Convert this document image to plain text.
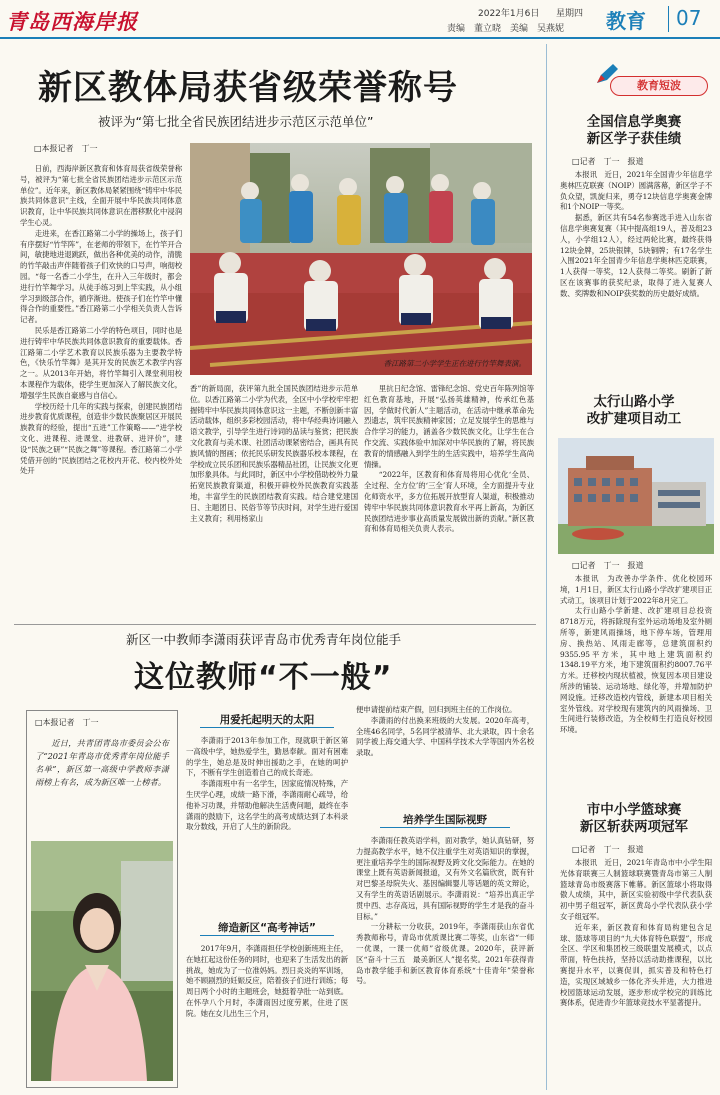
青岛西海岸报	2022年1月6日 星期四
责编　董立晓　美编　吴燕妮 教育	07
新区教体局获省级荣誉称号
被评为“第七批全省民族团结进步示范区示范单位”
□本报记者　丁一

日前，西海岸新区教育和体育局获省级荣誉称号，被评为“第七批全省民族团结进步示范区示范单位”。近年来，新区教体局紧紧围绕“铸牢中华民族共同体意识”主线，全面开展中华民族共同体意识教育，让中华民族共同体意识在潜移默化中浸润学生心灵。

走进来，在香江路第二小学的操场上，孩子们有序摆好“竹竿阵”，在老师的带领下，在竹竿开合间，敏捷地进退跳跃，做出各种优美的动作，清脆的竹竿敲击声伴随着孩子们欢快的口号声，响彻校园。“每一名香二小学生，在升入三年级时，都会进行竹竿舞学习。从徒手练习到上竿实践，从小组学习到级部合作，循序渐进。使孩子们在竹竿中懂得合作的重要性。”香江路第二小学相关负责人告诉记者。

民乐是香江路第二小学的特色项目，同时也是进行铸牢中华民族共同体意识教育的重要载体。香江路第二小学艺术教育以民族乐器为主要教学特色，《快乐竹竿舞》是其开发的民族艺术教学内容之一。从2013年开始，将竹竿舞引入课堂利用校本课程作为载体，使学生更加深入了解民族文化，增强学生民族自豪感与自信心。

学校历经十几年的实践与探索，创建民族团结进步教育优质课程，创造非少数民族聚居区开展民族教育的经验，提出“五进”工作策略——“进学校文化、进课程、进课堂、进教研、进评价”，建设“民族之研”“民族之舞”等课程。香江路第二小学凭借开创的“民族团结之花校内开花、校内校外处处开

香江路第二小学学生正在进行竹竿舞表演。

香”的新局面，获评第九批全国民族团结进步示范单位。以香江路第二小学为代表，全区中小学校牢牢把握铸牢中华民族共同体意识这一主题，不断创新丰富活动载体，组织多彩校园活动，将中华经典诗词融入语文教学，引导学生进行诗词的品读与鉴赏；把民族文化教育与美术课、社团活动课紧密结合，画具有民族风情的图画；依托民乐研发民族器乐校本课程，在学校成立民乐团和民族乐器精品社团，让民族文化更加形象具体。与此同时，新区中小学校借助校外力量拓宽民族教育渠道，积极开辟校外民族教育实践基地，丰富学生的民族团结教育实践。结合建党建国日、主题团日、民俗节等节庆时间，对学生进行爱国主义教育；利用杨家山

里抗日纪念馆、雷锋纪念馆、党史百年陈列馆等红色教育基地，开展“弘扬英雄精神，传承红色基因，学做时代新人”主题活动，在活动中继承革命先烈遗志，筑牢民族精神家园；立足发展学生的思维与合作学习的能力，涵盖各少数民族文化，让学生在合作交流、实践体验中加深对中华民族的了解，将民族教育的情感融入到学生的生活实践中，培养学生高尚情操。

“2022年，区教育和体育局将用心优化‘全员、全过程、全方位’的‘三全’育人环境，全方面提升专业化师资水平，多方位拓展开放型育人渠道，积极推动铸牢中华民族共同体意识教育水平再上新高，为新区民族团结进步事业高质量发展做出新的贡献。”新区教育和体育局相关负责人表示。

新区一中教师李潇雨获评青岛市优秀青年岗位能手
这位教师“不一般”
□本报记者　丁一
近日，共青团青岛市委员会公布了“2021年青岛市优秀青年岗位能手名单”，新区第一高级中学教师李潇雨榜上有名，成为新区唯一上榜者。
用爱托起明天的太阳

李潇雨于2013年参加工作，现就职于新区第一高级中学，她热爱学生，勤恳奉献。面对有困难的学生，她总是及时伸出援助之手，在她的呵护下，不断有学生创造着自己的成长奇迹。

李潇雨班中有一名学生，因家庭情况特殊，产生厌学心理，成绩一路下滑，李潇雨耐心疏导，给他补习功课，并帮助他解决生活费问题，最终在李潇雨的鼓励下，这名学生的高考成绩达到了本科录取分数线，开启了人生的新阶段。

缔造新区“高考神话”

2017年9月，李潇雨担任学校创新班班主任，在她扛起这份任务的同时，也迎来了生活发出的新挑战，她成为了一位准妈妈。烈日炎炎的军训场，她不顾剧烈的妊娠反应，陪着孩子们进行训练；每周日两个小时的主题班会，她挺着孕肚一站到底。在怀孕八个月时，李潇雨因过度劳累，住进了医院。她在女儿出生三个月，

便申请提前结束产假，回归到班主任的工作岗位。

李潇雨的付出换来班级的大发展。2020年高考，全班46名同学，5名同学被清华、北大录取，四十余名同学被上海交通大学、中国科学技术大学等国内外名校录取。

培养学生国际视野

李潇雨任教英语学科，面对教学，她认真钻研，努力提高教学水平，她不仅注重学生对英语知识的掌握，更注重培养学生的国际视野及跨文化交际能力。在她的课堂上既有英语新闻报道，又有外文名篇欣赏，既有针对巴黎圣母院失火、基因编辑婴儿等话题的英文辩论，又有学生的英语话剧展示。李潇雨说：“培养出真正学贯中西、志存高远，具有国际视野的学生才是我的奋斗目标。”

一分耕耘一分收获，2019年，李潇雨获山东省优秀教师称号，青岛市优质课比赛二等奖，山东省“一师一优课，一课一优师”省级优课。2020年，获评新区“奋斗十三五　最美新区人”提名奖。2021年获得青岛市教学能手和新区教育体育系统“十佳青年”荣誉称号。

教育短波
全国信息学奥赛
新区学子获佳绩
□记者　丁一　报道

本报讯　近日，2021年全国青少年信息学奥林匹克联赛（NOIP）圆满落幕，新区学子不负众望，凯旋归来，勇夺12块信息学奥赛金牌和1个NOIP一等奖。

据悉，新区共有54名参赛选手进入山东省信息学奥赛复赛（其中提高组19人，普及组23人，小学组12人），经过两轮比赛，最终获得12块金牌，25块银牌，5块铜牌；有17名学生入围2021年全国青少年信息学奥林匹克联赛，1人获得一等奖，12人获得二等奖。刷新了新区在该赛事的获奖纪录，取得了进入复赛人数、奖牌数和NOIP获奖数的历史最好成绩。

太行山路小学
改扩建项目动工
□记者　丁一　报道

本报讯　为改善办学条件、优化校园环境，1月1日，新区太行山路小学改扩建项目正式动工，该项目计划于2022年8月完工。

太行山路小学新建、改扩建项目总投资8718万元，将拆除现有室外运动场地及室外厕所等，新建风雨操场，地下停车场，管理用房、换热站、风雨走廊等，总建筑面积约9355.95平方米，其中地上建筑面积约1348.19平方米，地下建筑面积约8007.76平方米。迁移校内现状植被，恢复因本项目建设所涉的铺装、运动场地、绿化等，并增加防护网设施。迁移改造校内管线，新建本项目相关室外管线。对学校现有建筑内的风雨操场、卫生间进行装修改造，为全校师生打造良好校园环境。

市中小学篮球赛
新区斩获两项冠军
□记者　丁一　报道

本报讯　近日，2021年青岛市中小学生阳光体育联赛三人制篮球联赛暨青岛市第三人制篮球青岛市级赛落下帷幕。新区篮球小将取得傲人成绩，其中，新区实验初级中学代表队获初中男子组冠军，新区黄岛小学代表队获小学女子组冠军。

近年来，新区教育和体育局构建包含足球、篮球等项目的“九大体育特色联盟”，形成全区、学区和集团校三级联盟发展模式，以点带面，特色扶持，坚持以活动助推课程，以比赛提升水平，以赛促训，抓实普及和特色打造，实现区域城乡一体化齐头并进，大力推进校园篮球运动发展，逐步形成学校完的训练比赛体系，促进青少年篮球竞技水平显著提升。
